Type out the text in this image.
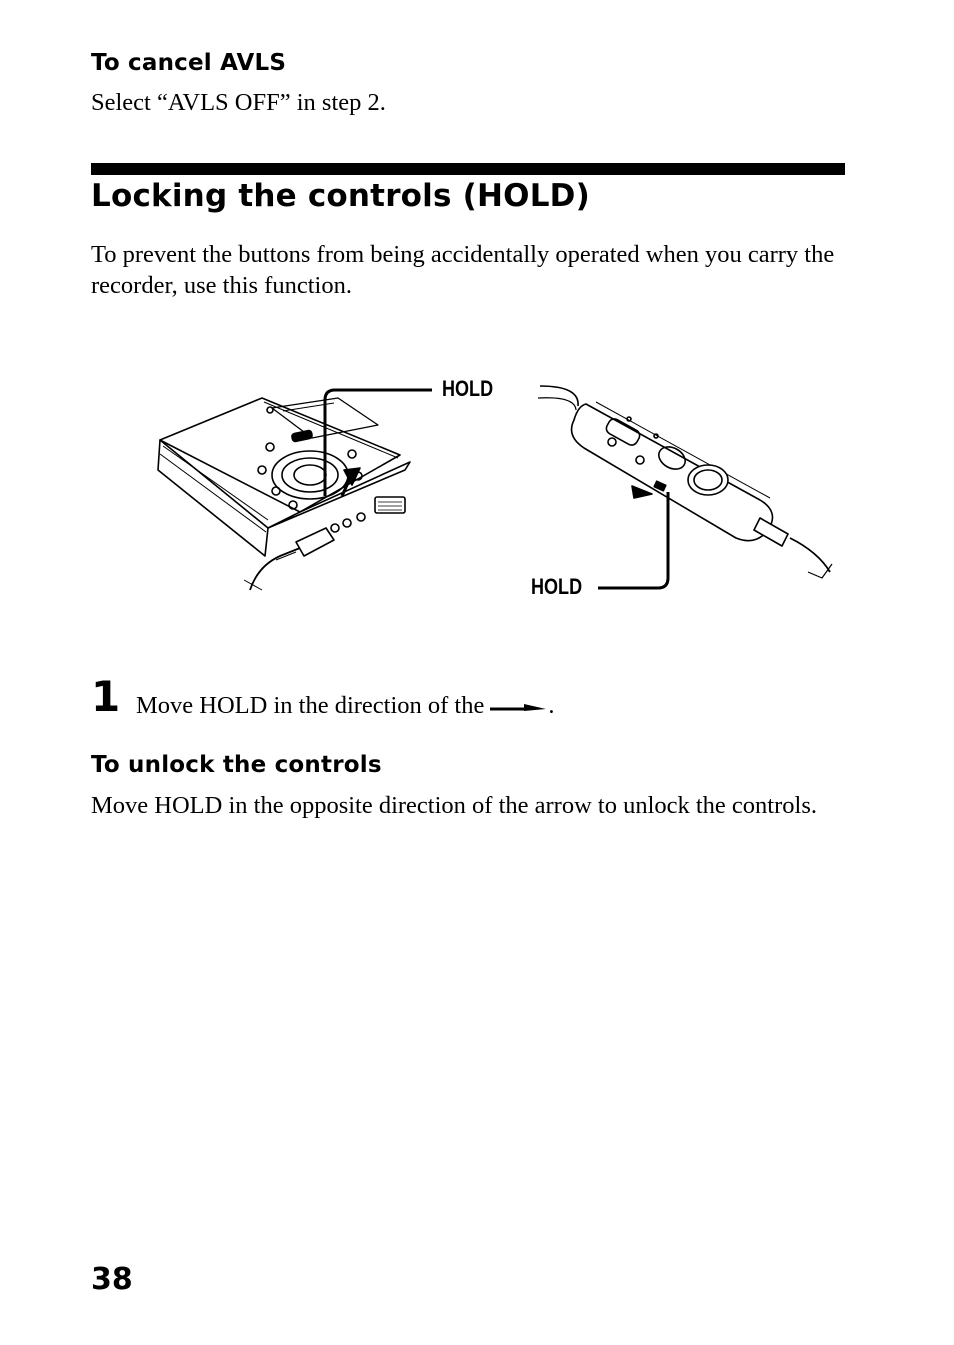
To cancel AVLS
Select “AVLS OFF” in step 2.
Locking the controls (HOLD)
To prevent the buttons from being accidentally operated when you carry the recorder, use this function.
HOLD
HOLD
1 Move HOLD in the direction of the	.
To unlock the controls
Move HOLD in the opposite direction of the arrow to unlock the controls.
38
